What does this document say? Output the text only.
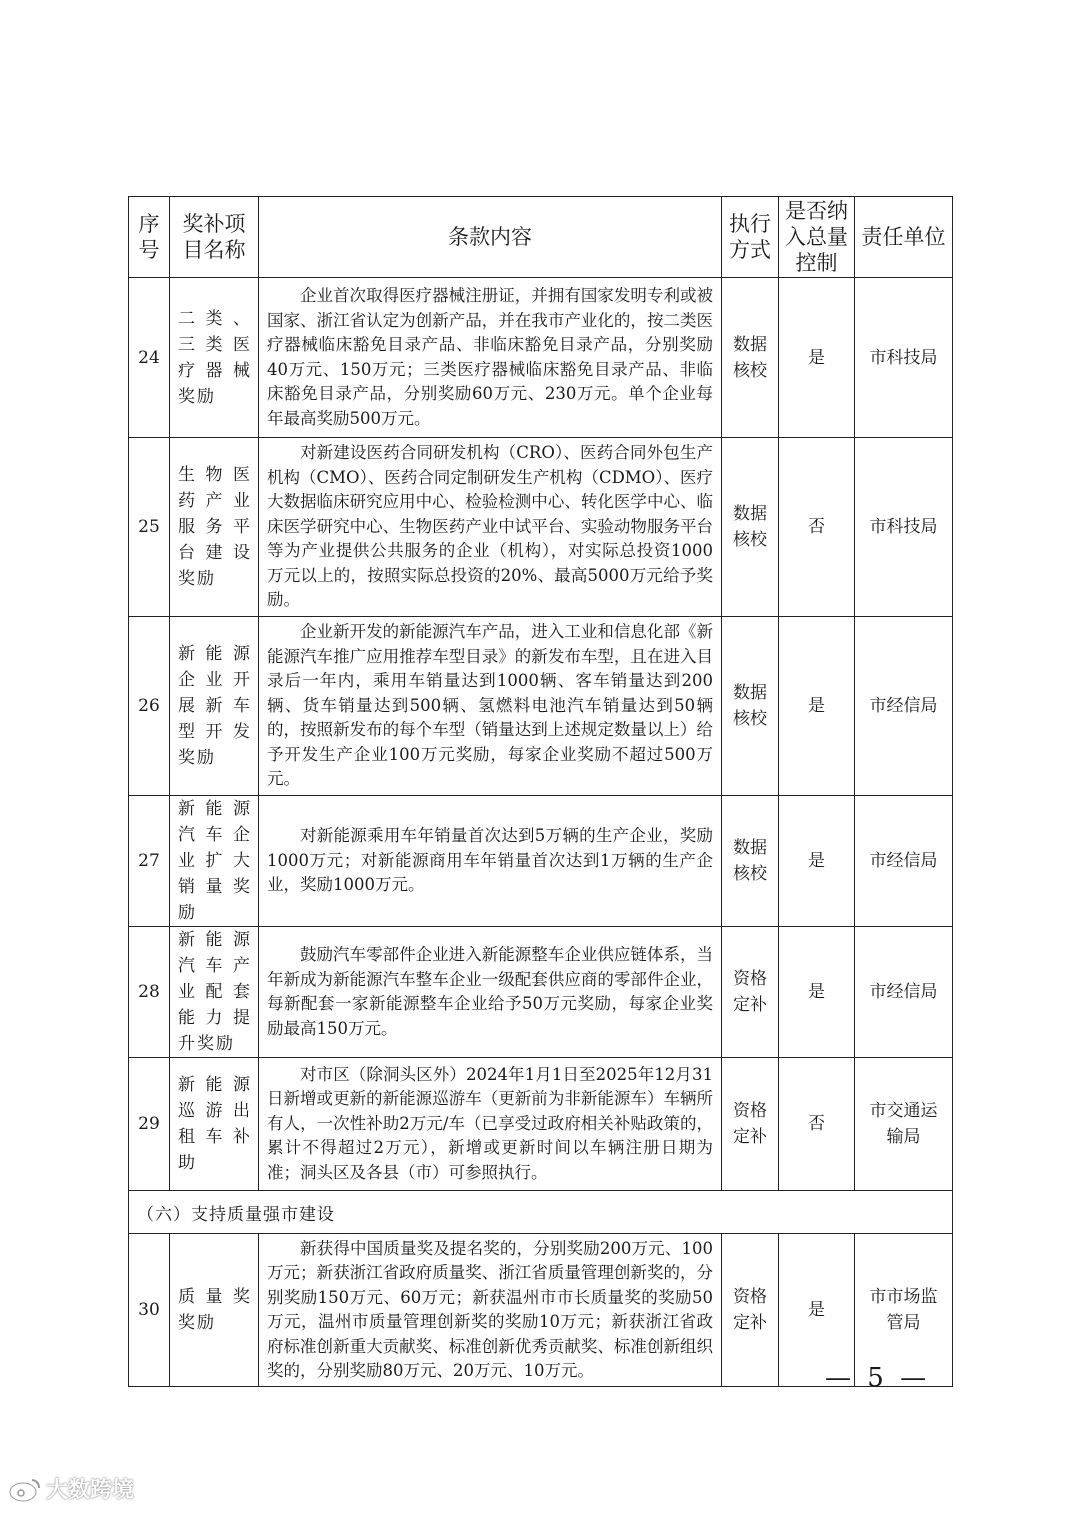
序号	奖补项目名称	条款内容	执行方式	是否纳入总量控制	责任单位
24	二类、三类医疗器械奖励	企业首次取得医疗器械注册证，并拥有国家发明专利或被国家、浙江省认定为创新产品，并在我市产业化的，按二类医疗器械临床豁免目录产品、非临床豁免目录产品，分别奖励40万元、150万元；三类医疗器械临床豁免目录产品、非临床豁免目录产品，分别奖励60万元、230万元。单个企业每年最高奖励500万元。	数据核校	是	市科技局
25	生物医药产业服务平台建设奖励	对新建设医药合同研发机构（CRO）、医药合同外包生产机构（CMO）、医药合同定制研发生产机构（CDMO）、医疗大数据临床研究应用中心、检验检测中心、转化医学中心、临床医学研究中心、生物医药产业中试平台、实验动物服务平台等为产业提供公共服务的企业（机构），对实际总投资1000万元以上的，按照实际总投资的20%、最高5000万元给予奖励。	数据核校	否	市科技局
26	新能源企业开展新车型开发奖励	企业新开发的新能源汽车产品，进入工业和信息化部《新能源汽车推广应用推荐车型目录》的新发布车型，且在进入目录后一年内，乘用车销量达到1000辆、客车销量达到200辆、货车销量达到500辆、氢燃料电池汽车销量达到50辆的，按照新发布的每个车型（销量达到上述规定数量以上）给予开发生产企业100万元奖励，每家企业奖励不超过500万元。	数据核校	是	市经信局
27	新能源汽车企业扩大销量奖励	对新能源乘用车年销量首次达到5万辆的生产企业，奖励1000万元；对新能源商用车年销量首次达到1万辆的生产企业，奖励1000万元。	数据核校	是	市经信局
28	新能源汽车产业配套能力提升奖励	鼓励汽车零部件企业进入新能源整车企业供应链体系，当年新成为新能源汽车整车企业一级配套供应商的零部件企业，每新配套一家新能源整车企业给予50万元奖励，每家企业奖励最高150万元。	资格定补	是	市经信局
29	新能源巡游出租车补助	对市区（除洞头区外）2024年1月1日至2025年12月31日新增或更新的新能源巡游车（更新前为非新能源车）车辆所有人，一次性补助2万元/车（已享受过政府相关补贴政策的，累计不得超过2万元），新增或更新时间以车辆注册日期为准；洞头区及各县（市）可参照执行。	资格定补	否	市交通运输局
（六）支持质量强市建设					
30	质量奖奖励	新获得中国质量奖及提名奖的，分别奖励200万元、100万元；新获浙江省政府质量奖、浙江省质量管理创新奖的，分别奖励150万元、60万元；新获温州市市长质量奖的奖励50万元，温州市质量管理创新奖的奖励10万元；新获浙江省政府标准创新重大贡献奖、标准创新优秀贡献奖、标准创新组织奖的，分别奖励80万元、20万元、10万元。	资格定补	是	市市场监管局
— 5 —
大数跨境
